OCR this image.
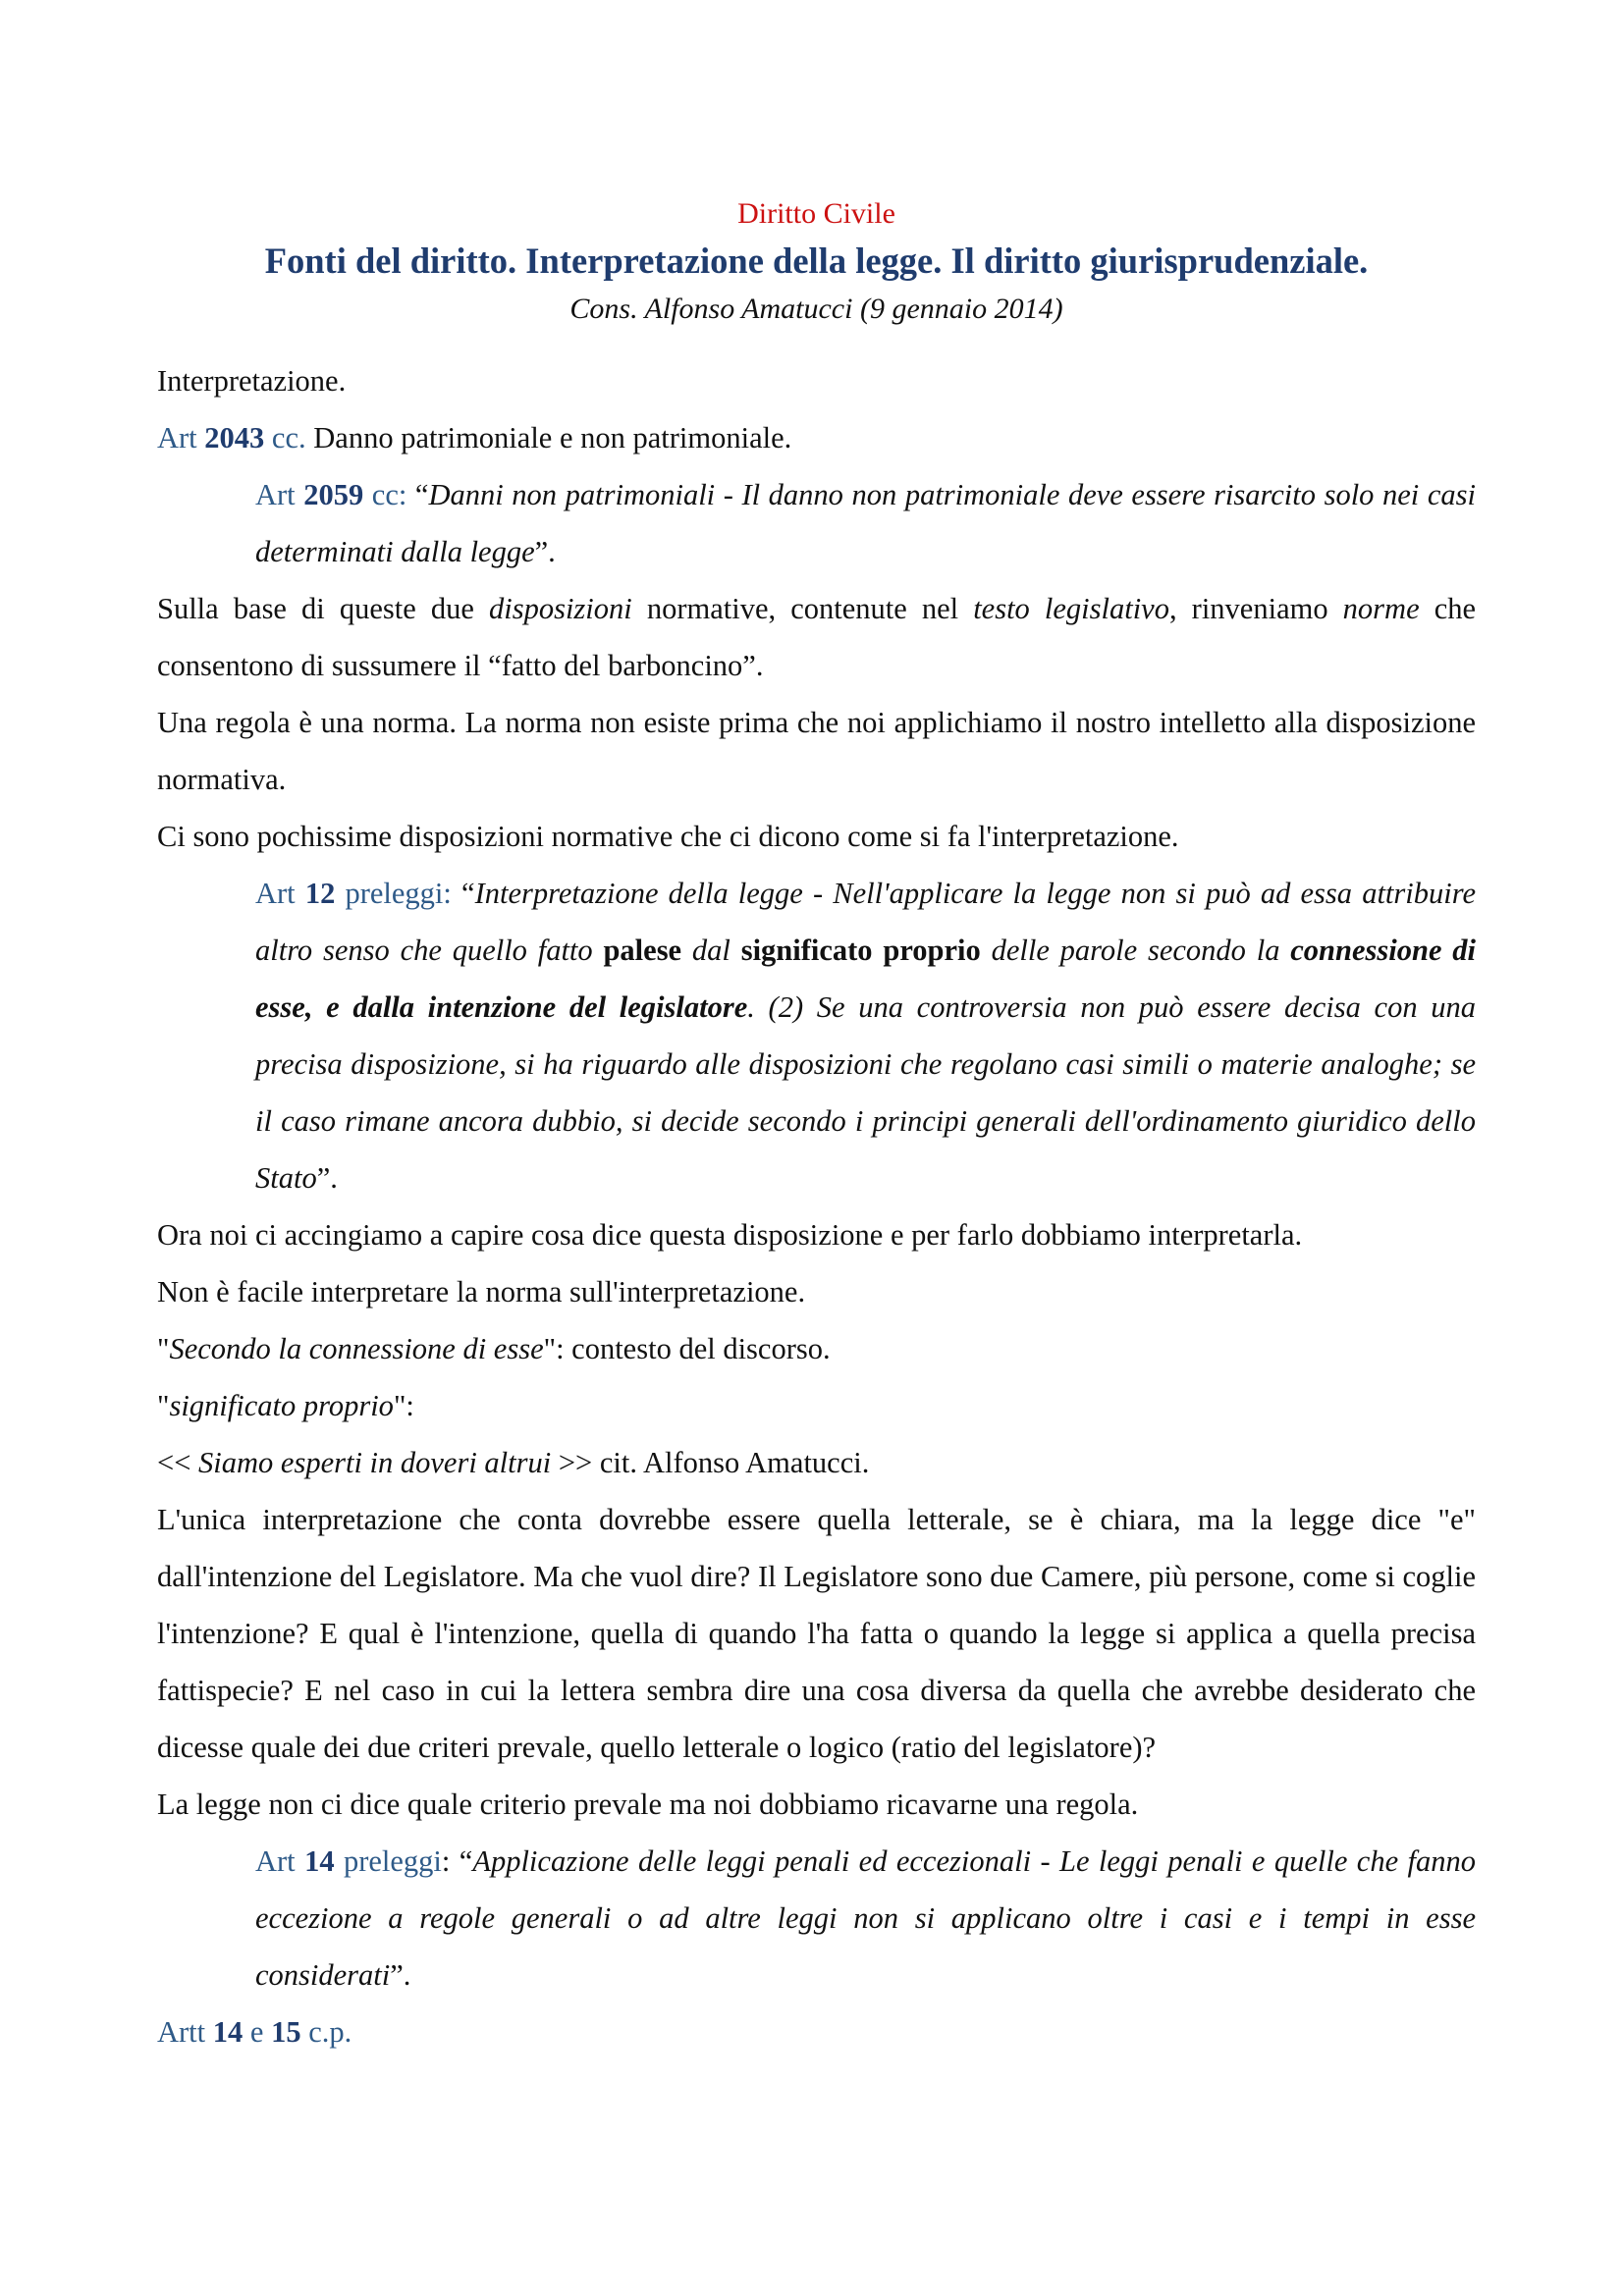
Diritto Civile
Fonti del diritto. Interpretazione della legge. Il diritto giurisprudenziale.
Cons. Alfonso Amatucci (9 gennaio 2014)

Interpretazione.

Art 2043 cc. Danno patrimoniale e non patrimoniale.

Art 2059 cc: “Danni non patrimoniali - Il danno non patrimoniale deve essere risarcito solo nei casi determinati dalla legge”.

Sulla base di queste due disposizioni normative, contenute nel testo legislativo, rinveniamo norme che consentono di sussumere il “fatto del barboncino”.

Una regola è una norma. La norma non esiste prima che noi applichiamo il nostro intelletto alla disposizione normativa.

Ci sono pochissime disposizioni normative che ci dicono come si fa l'interpretazione.

Art 12 preleggi: “Interpretazione della legge - Nell'applicare la legge non si può ad essa attribuire altro senso che quello fatto palese dal significato proprio delle parole secondo la connessione di esse, e dalla intenzione del legislatore. (2) Se una controversia non può essere decisa con una precisa disposizione, si ha riguardo alle disposizioni che regolano casi simili o materie analoghe; se il caso rimane ancora dubbio, si decide secondo i principi generali dell'ordinamento giuridico dello Stato”.

Ora noi ci accingiamo a capire cosa dice questa disposizione e per farlo dobbiamo interpretarla.

Non è facile interpretare la norma sull'interpretazione.

"Secondo la connessione di esse": contesto del discorso.

"significato proprio":

<< Siamo esperti in doveri altrui >> cit. Alfonso Amatucci.

L'unica interpretazione che conta dovrebbe essere quella letterale, se è chiara, ma la legge dice "e" dall'intenzione del Legislatore. Ma che vuol dire? Il Legislatore sono due Camere, più persone, come si coglie l'intenzione? E qual è l'intenzione, quella di quando l'ha fatta o quando la legge si applica a quella precisa fattispecie? E nel caso in cui la lettera sembra dire una cosa diversa da quella che avrebbe desiderato che dicesse quale dei due criteri prevale, quello letterale o logico (ratio del legislatore)?

La legge non ci dice quale criterio prevale ma noi dobbiamo ricavarne una regola.

Art 14 preleggi: “Applicazione delle leggi penali ed eccezionali - Le leggi penali e quelle che fanno eccezione a regole generali o ad altre leggi non si applicano oltre i casi e i tempi in esse considerati”.

Artt 14 e 15 c.p.
